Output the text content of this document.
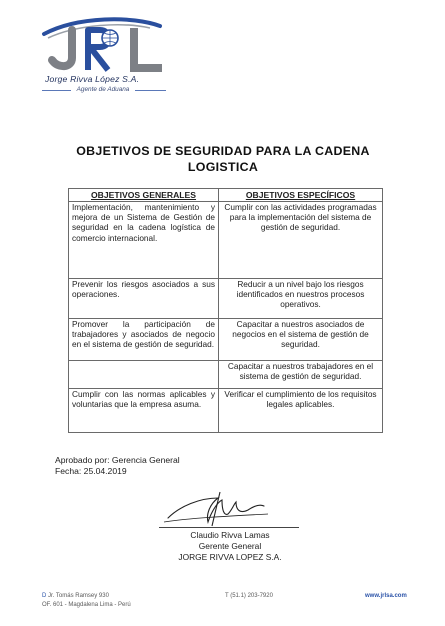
Jorge Rivva López S.A.
Agente de Aduana
OBJETIVOS DE SEGURIDAD PARA LA CADENA
LOGISTICA
OBJETIVOS GENERALES	OBJETIVOS ESPECÍFICOS
Implementación, mantenimiento y mejora de un Sistema de Gestión de seguridad en la cadena logística de comercio internacional.	Cumplir con las actividades programadas para la implementación del sistema de gestión de seguridad.
Prevenir los riesgos asociados a sus operaciones.	Reducir a un nivel bajo los riesgos identificados en nuestros procesos operativos.
Promover la participación de trabajadores y asociados de negocio en el sistema de gestión de seguridad.	Capacitar a nuestros asociados de negocios en el sistema de gestión de seguridad.
	Capacitar a nuestros trabajadores en el sistema de gestión de seguridad.
Cumplir con las normas aplicables y voluntarias que la empresa asuma.	Verificar el cumplimiento de los requisitos legales aplicables.
Aprobado por: Gerencia General
Fecha: 25.04.2019
Claudio Rivva Lamas
Gerente General
JORGE RIVVA LOPEZ S.A.
D Jr. Tomás Ramsey 930
OF. 601 - Magdalena Lima - Perú
T (51.1) 203-7920	www.jrlsa.com
